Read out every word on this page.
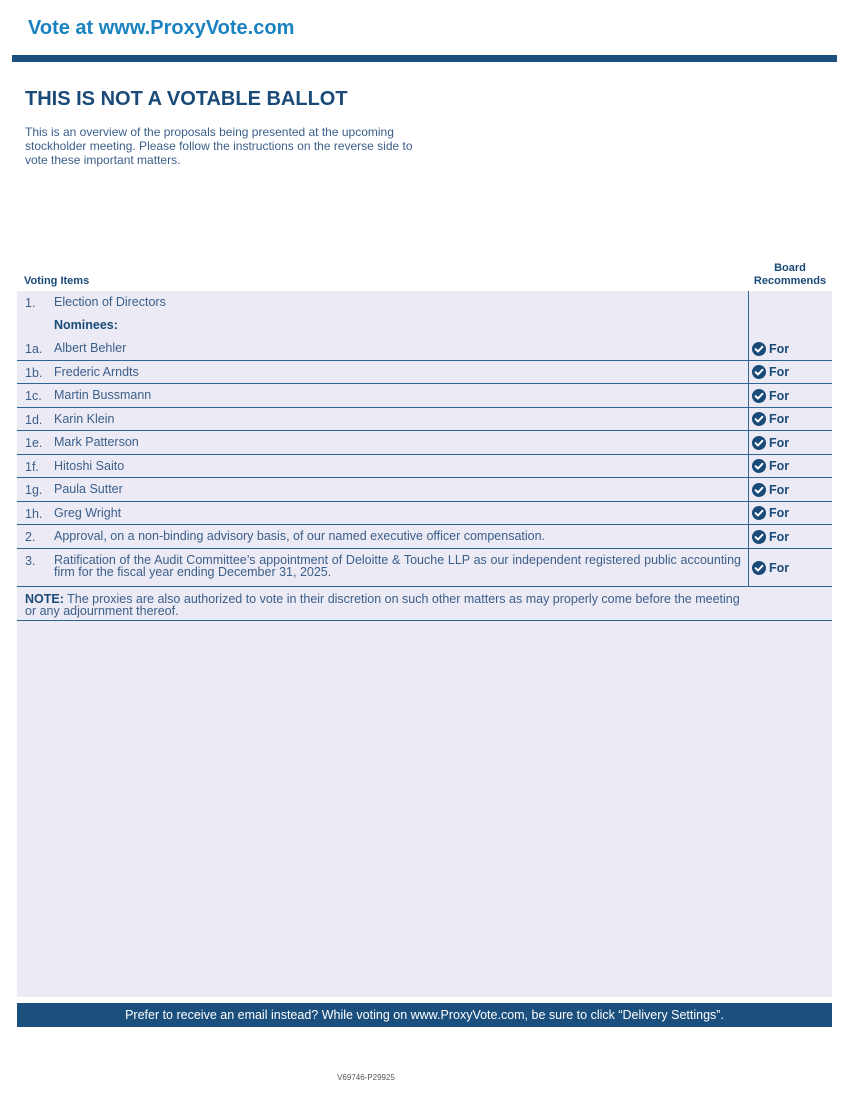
Vote at www.ProxyVote.com
THIS IS NOT A VOTABLE BALLOT
This is an overview of the proposals being presented at the upcoming stockholder meeting. Please follow the instructions on the reverse side to vote these important matters.
Voting Items
Board
Recommends
1.	Election of Directors
Nominees:
1a. Albert Behler	For
1b. Frederic Arndts	For
1c. Martin Bussmann	For
1d. Karin Klein	For
1e. Mark Patterson	For
1f.	Hitoshi Saito	For
1g. Paula Sutter	For
1h. Greg Wright	For
2.	Approval, on a non-binding advisory basis, of our named executive officer compensation.	For
3.	Ratification of the Audit Committee’s appointment of Deloitte & Touche LLP as our independent registered public accounting firm for the fiscal year ending December 31, 2025.	For
NOTE: The proxies are also authorized to vote in their discretion on such other matters as may properly come before the meeting or any adjournment thereof.
Prefer to receive an email instead? While voting on www.ProxyVote.com, be sure to click “Delivery Settings”.
V69746-P29925
